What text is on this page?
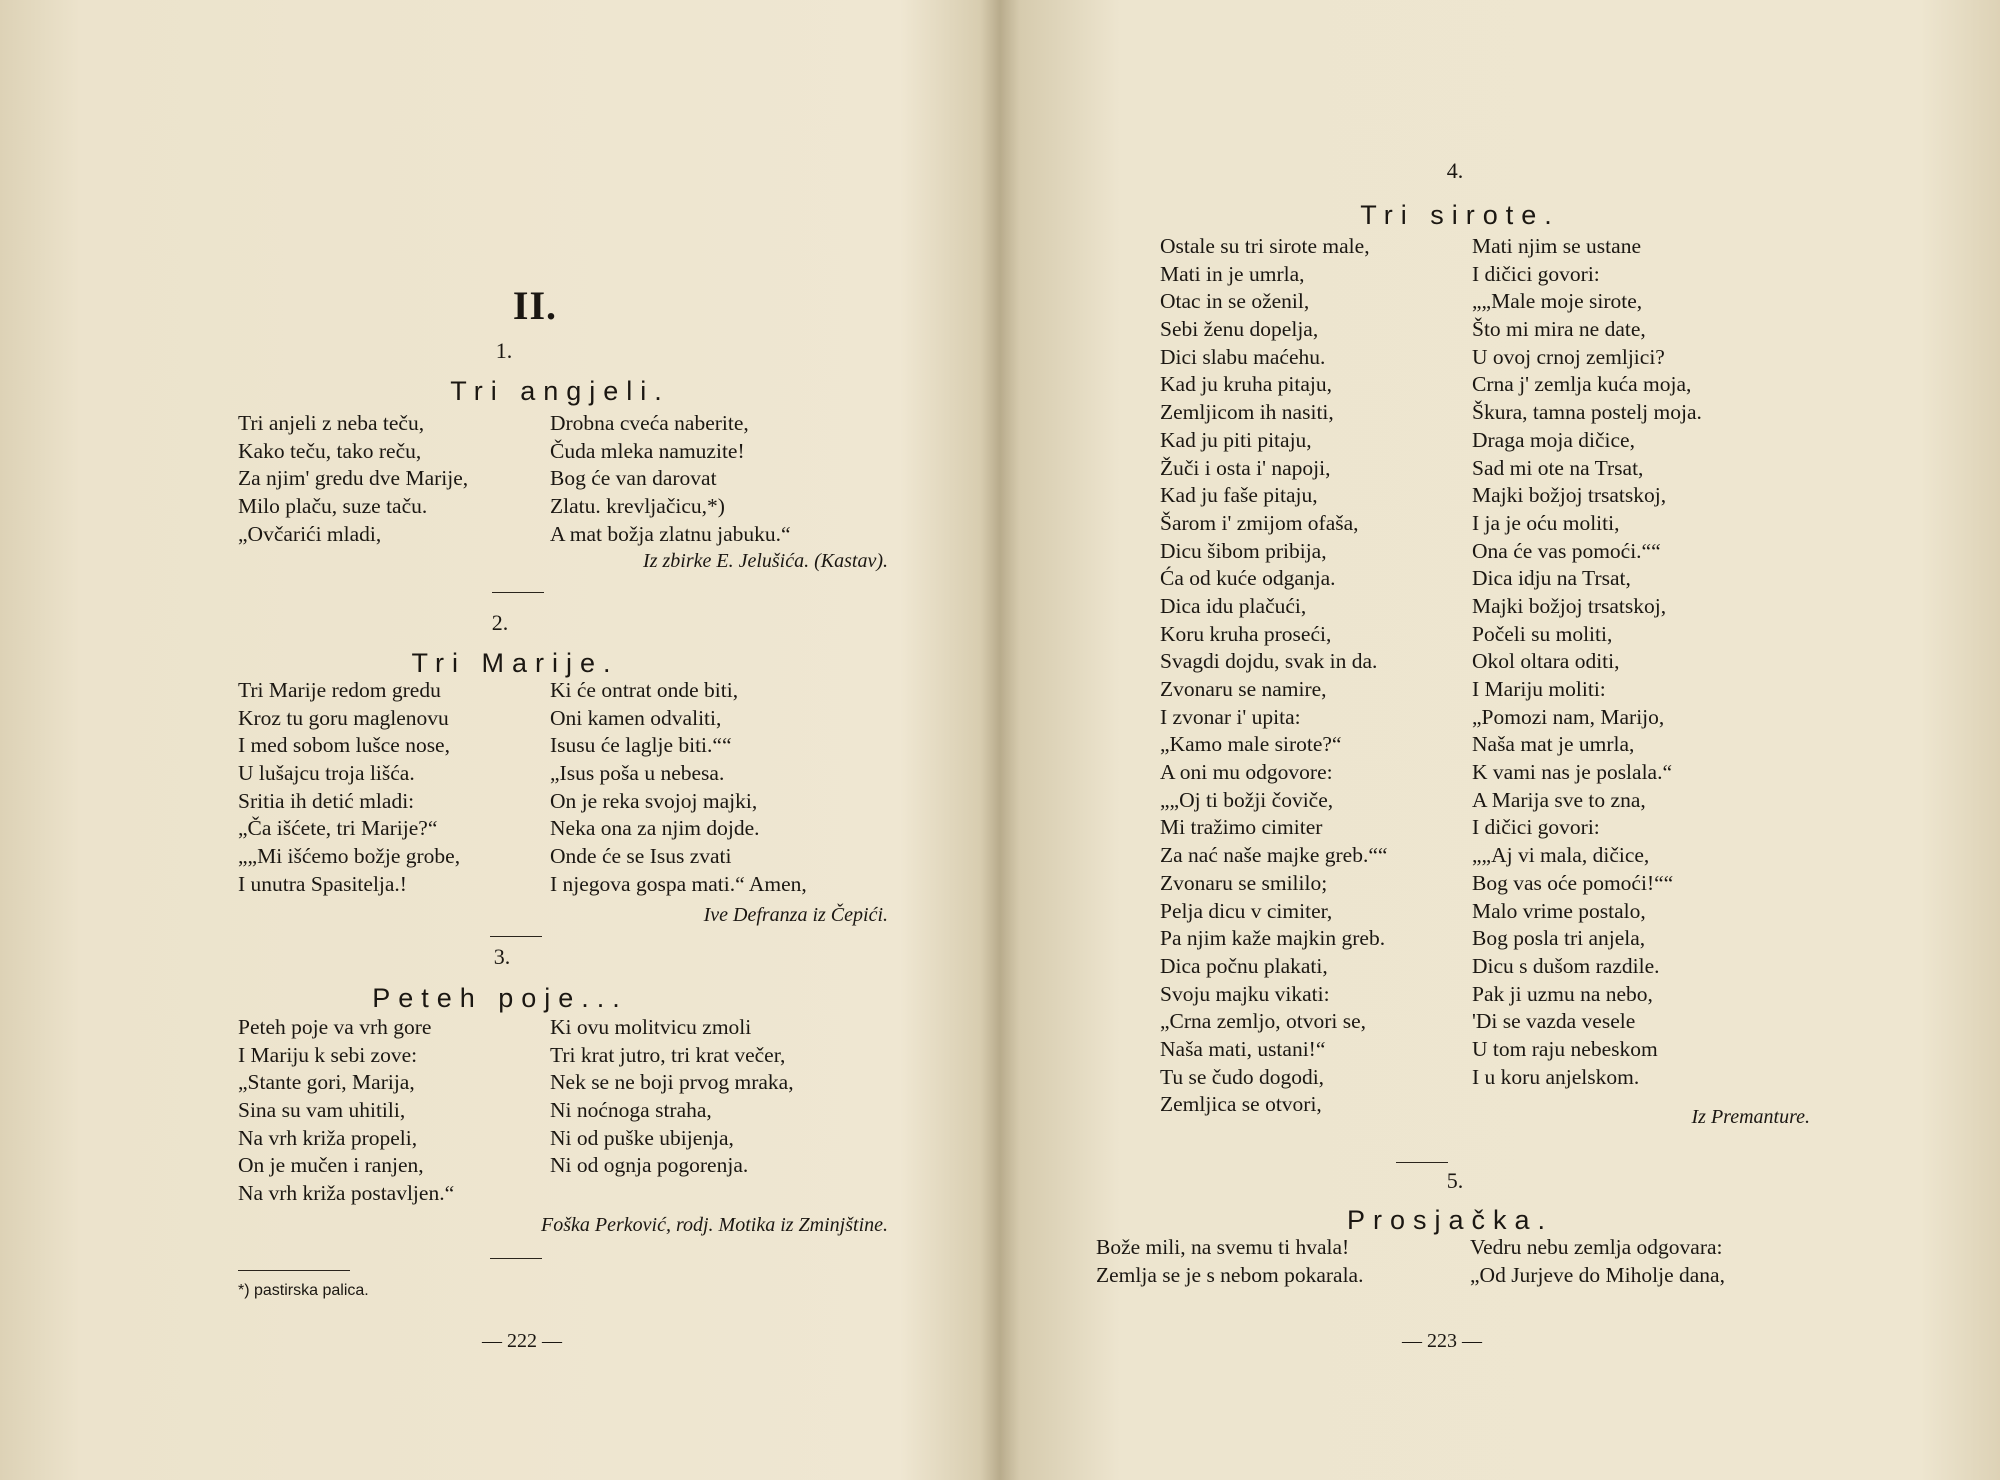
II.
1.
Tri angjeli.
Tri anjeli z neba teču,
Kako teču, tako reču,
Za njim' gredu dve Marije,
Milo plaču, suze taču.
„Ovčarići mladi,
Drobna cveća naberite,
Čuda mleka namuzite!
Bog će van darovat
Zlatu. krevljačicu,*)
A mat božja zlatnu jabuku.“
Iz zbirke E. Jelušića. (Kastav).
2.
Tri Marije.
Tri Marije redom gredu
Kroz tu goru maglenovu
I med sobom lušce nose,
U lušajcu troja lišća.
Sritia ih detić mladi:
„Ča išćete, tri Marije?“
„„Mi išćemo božje grobe,
I unutra Spasitelja.!
Ki će ontrat onde biti,
Oni kamen odvaliti,
Isusu će laglje biti.““
„Isus poša u nebesa.
On je reka svojoj majki,
Neka ona za njim dojde.
Onde će se Isus zvati
I njegova gospa mati.“ Amen,
Ive Defranza iz Čepići.
3.
Peteh poje...
Peteh poje va vrh gore
I Mariju k sebi zove:
„Stante gori, Marija,
Sina su vam uhitili,
Na vrh križa propeli,
On je mučen i ranjen,
Na vrh križa postavljen.“
Ki ovu molitvicu zmoli
Tri krat jutro, tri krat večer,
Nek se ne boji prvog mraka,
Ni noćnoga straha,
Ni od puške ubijenja,
Ni od ognja pogorenja.
Foška Perković, rodj. Motika iz Zminjštine.
*) pastirska palica.
— 222 —
4.
Tri sirote.
Ostale su tri sirote male,
Mati in je umrla,
Otac in se oženil,
Sebi ženu dopelja,
Dici slabu maćehu.
Kad ju kruha pitaju,
Zemljicom ih nasiti,
Kad ju piti pitaju,
Žuči i osta i' napoji,
Kad ju faše pitaju,
Šarom i' zmijom ofaša,
Dicu šibom pribija,
Ća od kuće odganja.
Dica idu plačući,
Koru kruha proseći,
Svagdi dojdu, svak in da.
Zvonaru se namire,
I zvonar i' upita:
„Kamo male sirote?“
A oni mu odgovore:
„„Oj ti božji čoviče,
Mi tražimo cimiter
Za nać naše majke greb.““
Zvonaru se smililo;
Pelja dicu v cimiter,
Pa njim kaže majkin greb.
Dica počnu plakati,
Svoju majku vikati:
„Crna zemljo, otvori se,
Naša mati, ustani!“
Tu se čudo dogodi,
Zemljica se otvori,
Mati njim se ustane
I dičici govori:
„„Male moje sirote,
Što mi mira ne date,
U ovoj crnoj zemljici?
Crna j' zemlja kuća moja,
Škura, tamna postelj moja.
Draga moja dičice,
Sad mi ote na Trsat,
Majki božjoj trsatskoj,
I ja je oću moliti,
Ona će vas pomoći.““
Dica idju na Trsat,
Majki božjoj trsatskoj,
Počeli su moliti,
Okol oltara oditi,
I Mariju moliti:
„Pomozi nam, Marijo,
Naša mat je umrla,
K vami nas je poslala.“
A Marija sve to zna,
I dičici govori:
„„Aj vi mala, dičice,
Bog vas oće pomoći!““
Malo vrime postalo,
Bog posla tri anjela,
Dicu s dušom razdile.
Pak ji uzmu na nebo,
'Di se vazda vesele
U tom raju nebeskom
I u koru anjelskom.
Iz Premanture.
5.
Prosjačka.
Bože mili, na svemu ti hvala!
Zemlja se je s nebom pokarala.
Vedru nebu zemlja odgovara:
„Od Jurjeve do Miholje dana,
— 223 —
